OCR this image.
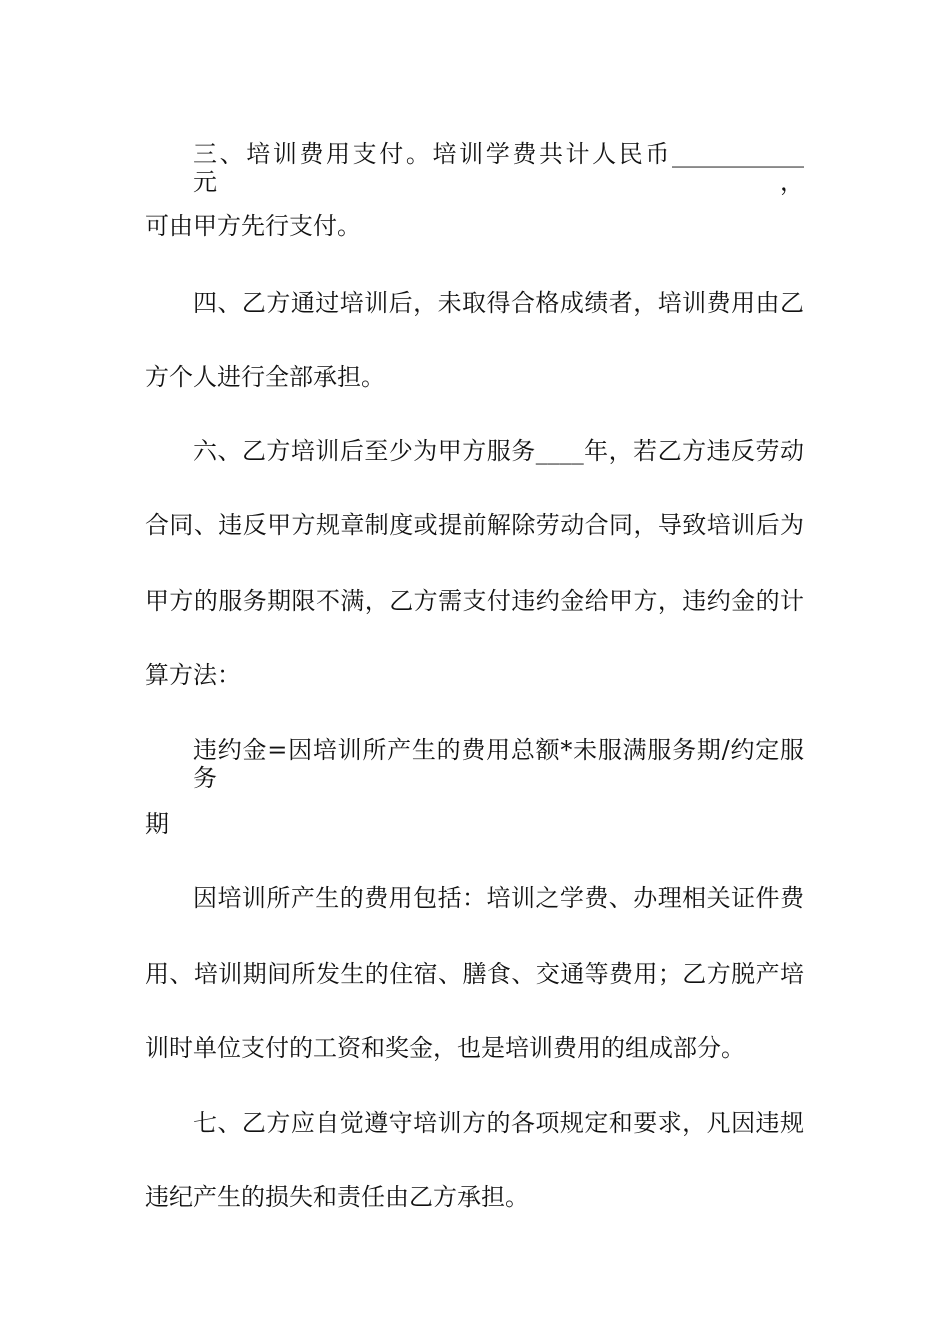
三、培训费用支付。培训学费共计人民币___________元，
可由甲方先行支付。
四、乙方通过培训后，未取得合格成绩者，培训费用由乙
方个人进行全部承担。
六、乙方培训后至少为甲方服务____年，若乙方违反劳动
合同、违反甲方规章制度或提前解除劳动合同，导致培训后为
甲方的服务期限不满，乙方需支付违约金给甲方，违约金的计
算方法：
违约金=因培训所产生的费用总额*未服满服务期/约定服务
期
因培训所产生的费用包括：培训之学费、办理相关证件费
用、培训期间所发生的住宿、膳食、交通等费用；乙方脱产培
训时单位支付的工资和奖金，也是培训费用的组成部分。
七、乙方应自觉遵守培训方的各项规定和要求，凡因违规
违纪产生的损失和责任由乙方承担。
